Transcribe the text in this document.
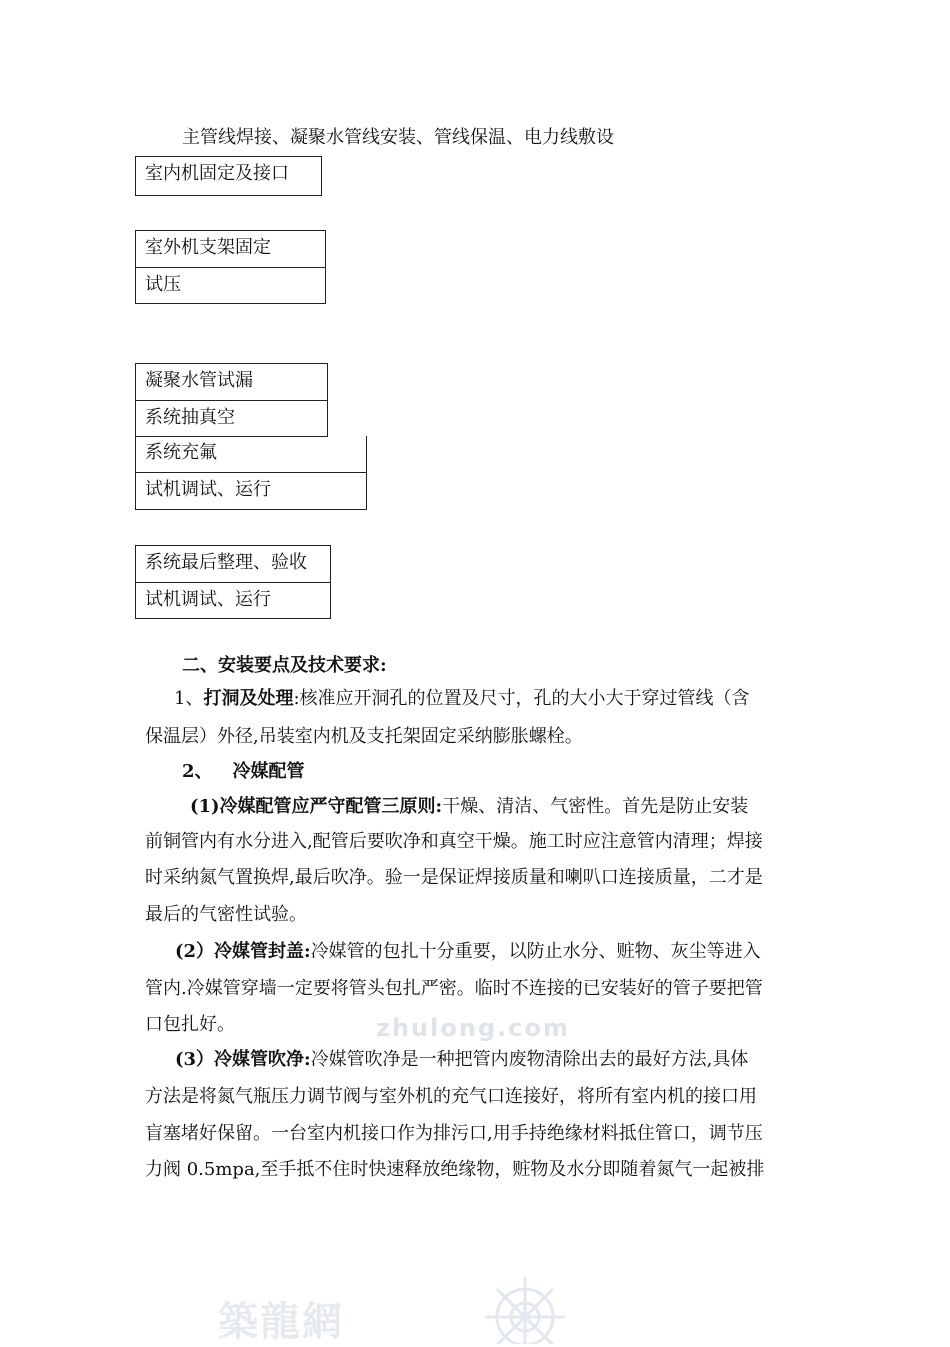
主管线焊接、凝聚水管线安装、管线保温、电力线敷设
室内机固定及接口
室外机支架固定
试压
凝聚水管试漏
系统抽真空
系统充氟
试机调试、运行
系统最后整理、验收
试机调试、运行
二、安装要点及技术要求:
1、打洞及处理:核准应开洞孔的位置及尺寸，孔的大小大于穿过管线（含
保温层）外径,吊装室内机及支托架固定采纳膨胀螺栓。
2、 冷媒配管
(1)冷媒配管应严守配管三原则:干燥、清洁、气密性。首先是防止安装
前铜管内有水分进入,配管后要吹净和真空干燥。施工时应注意管内清理；焊接
时采纳氮气置换焊,最后吹净。验一是保证焊接质量和喇叭口连接质量，二才是
最后的气密性试验。
(2）冷媒管封盖:冷媒管的包扎十分重要，以防止水分、赃物、灰尘等进入
管内.冷媒管穿墙一定要将管头包扎严密。临时不连接的已安装好的管子要把管
口包扎好。
(3）冷媒管吹净:冷媒管吹净是一种把管内废物清除出去的最好方法,具体
方法是将氮气瓶压力调节阀与室外机的充气口连接好，将所有室内机的接口用
盲塞堵好保留。一台室内机接口作为排污口,用手持绝缘材料抵住管口，调节压
力阀 0.5mpa,至手抵不住时快速释放绝缘物，赃物及水分即随着氮气一起被排
zhulong.com
築龍網
